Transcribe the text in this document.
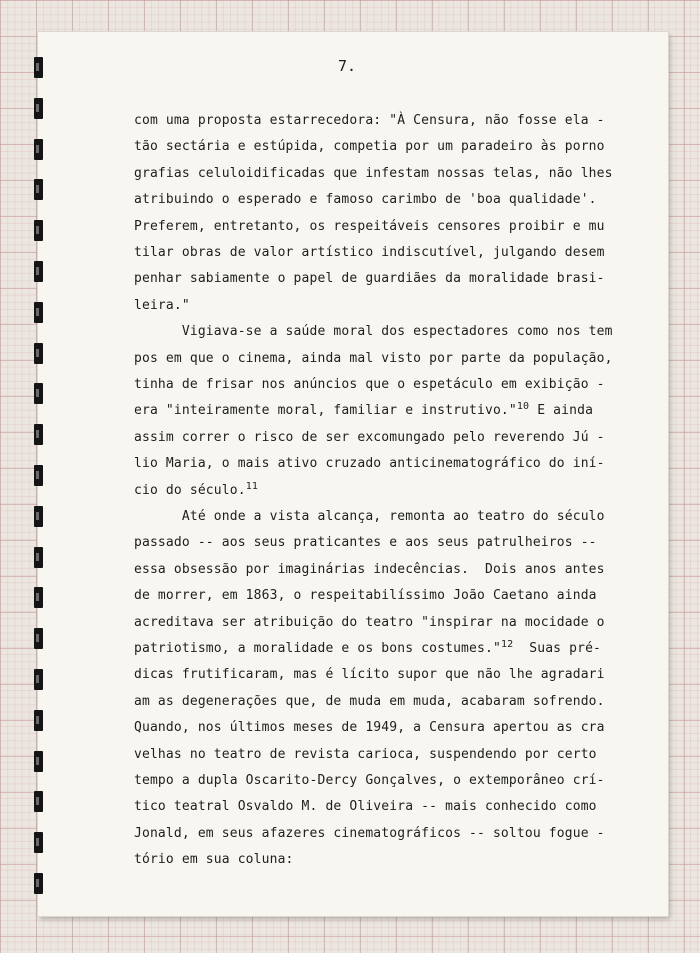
7.

com uma proposta estarrecedora: "À Censura, não fosse ela -

tão sectária e estúpida, competia por um paradeiro às porno

grafias celuloidificadas que infestam nossas telas, não lhes

atribuindo o esperado e famoso carimbo de 'boa qualidade'.

Preferem, entretanto, os respeitáveis censores proibir e mu

tilar obras de valor artístico indiscutível, julgando desem

penhar sabiamente o papel de guardiães da moralidade brasi-

leira."

Vigiava-se a saúde moral dos espectadores como nos tem

pos em que o cinema, ainda mal visto por parte da população,

tinha de frisar nos anúncios que o espetáculo em exibição -

era "inteiramente moral, familiar e instrutivo."$^{10}$ E ainda

assim correr o risco de ser excomungado pelo reverendo Jú -

lio Maria, o mais ativo cruzado anticinematográfico do iní-

cio do século.$^{11}$

Até onde a vista alcança, remonta ao teatro do século

passado -- aos seus praticantes e aos seus patrulheiros --

essa obsessão por imaginárias indecências.  Dois anos antes

de morrer, em 1863, o respeitabilíssimo João Caetano ainda

acreditava ser atribuição do teatro "inspirar na mocidade o

patriotismo, a moralidade e os bons costumes."$^{12}$  Suas pré-

dicas frutificaram, mas é lícito supor que não lhe agradari

am as degenerações que, de muda em muda, acabaram sofrendo.

Quando, nos últimos meses de 1949, a Censura apertou as cra

velhas no teatro de revista carioca, suspendendo por certo

tempo a dupla Oscarito-Dercy Gonçalves, o extemporâneo crí-

tico teatral Osvaldo M. de Oliveira -- mais conhecido como

Jonald, em seus afazeres cinematográficos -- soltou fogue -

tório em sua coluna:
